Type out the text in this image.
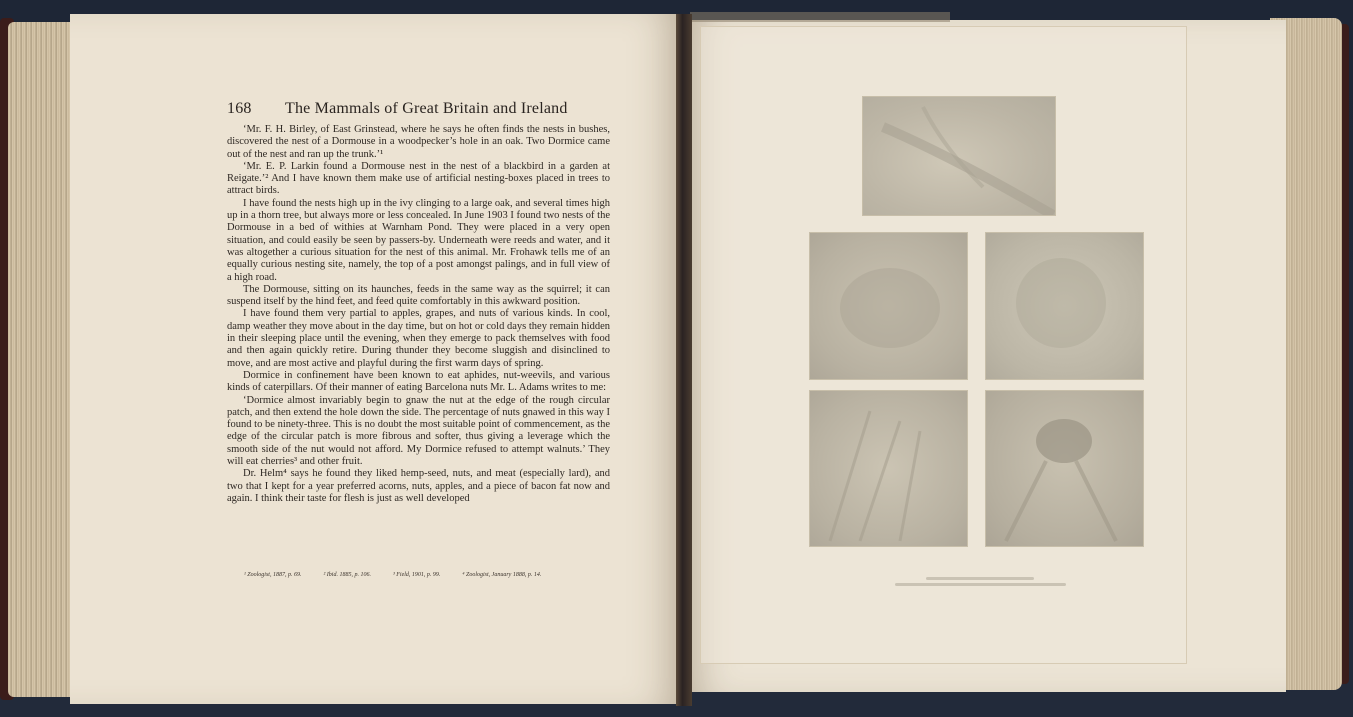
168 The Mammals of Great Britain and Ireland

‘Mr. F. H. Birley, of East Grinstead, where he says he often finds the nests in bushes, discovered the nest of a Dormouse in a woodpecker’s hole in an oak. Two Dormice came out of the nest and ran up the trunk.’¹

‘Mr. E. P. Larkin found a Dormouse nest in the nest of a blackbird in a garden at Reigate.’² And I have known them make use of artificial nesting-boxes placed in trees to attract birds.

I have found the nests high up in the ivy clinging to a large oak, and several times high up in a thorn tree, but always more or less concealed. In June 1903 I found two nests of the Dormouse in a bed of withies at Warnham Pond. They were placed in a very open situation, and could easily be seen by passers-by. Underneath were reeds and water, and it was altogether a curious situation for the nest of this animal. Mr. Frohawk tells me of an equally curious nesting site, namely, the top of a post amongst palings, and in full view of a high road.

The Dormouse, sitting on its haunches, feeds in the same way as the squirrel; it can suspend itself by the hind feet, and feed quite comfortably in this awkward position.

I have found them very partial to apples, grapes, and nuts of various kinds. In cool, damp weather they move about in the day time, but on hot or cold days they remain hidden in their sleeping place until the evening, when they emerge to pack themselves with food and then again quickly retire. During thunder they become sluggish and disinclined to move, and are most active and playful during the first warm days of spring.

Dormice in confinement have been known to eat aphides, nut-weevils, and various kinds of caterpillars. Of their manner of eating Barcelona nuts Mr. L. Adams writes to me:

‘Dormice almost invariably begin to gnaw the nut at the edge of the rough circular patch, and then extend the hole down the side. The percentage of nuts gnawed in this way I found to be ninety-three. This is no doubt the most suitable point of commencement, as the edge of the circular patch is more fibrous and softer, thus giving a leverage which the smooth side of the nut would not afford. My Dormice refused to attempt walnuts.’ They will eat cherries³ and other fruit.

Dr. Helm⁴ says he found they liked hemp-seed, nuts, and meat (especially lard), and two that I kept for a year preferred acorns, nuts, apples, and a piece of bacon fat now and again. I think their taste for flesh is just as well developed

¹ Zoologist, 1887, p. 69.	² Ibid. 1885, p. 106.	³ Field, 1901, p. 99.	⁴ Zoologist, January 1888, p. 14.
